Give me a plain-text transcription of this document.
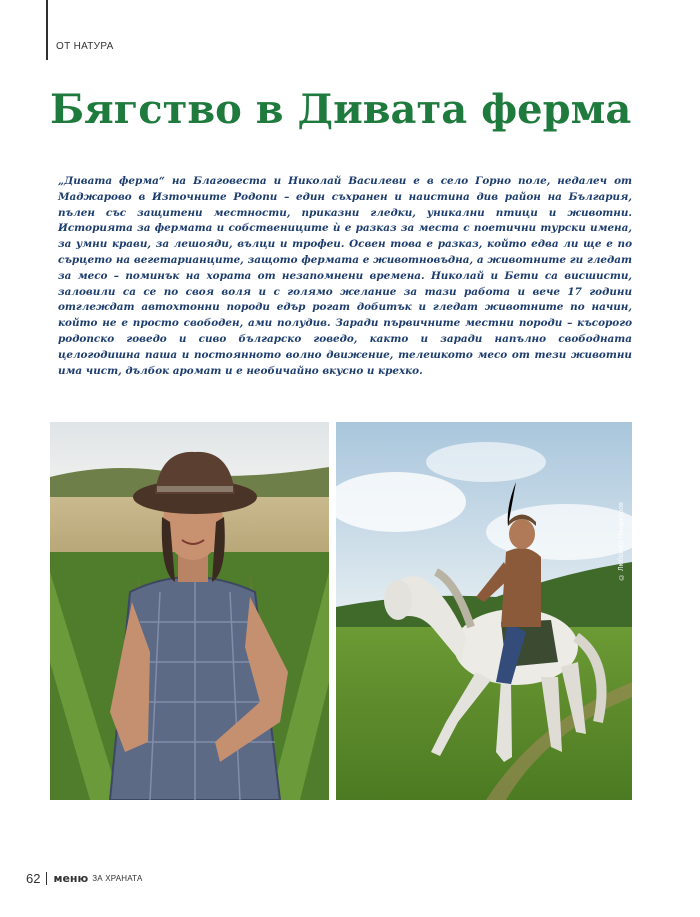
ОТ НАТУРА
Бягство в Дивата ферма

„Дивата ферма“ на Благовеста и Николай Василеви е в село Горно поле, недалеч от Маджарово в Източните Родопи – един съхранен и наистина див район на България, пълен със защитени местности, приказни гледки, уникални птици и животни. Историята за фермата и собствениците ѝ е разказ за места с поетични турски имена, за умни крави, за лешояди, вълци и трофеи. Освен това е разказ, който едва ли ще е по сърцето на вегетарианците, защото фермата е животновъдна, а животните ги гледат за месо – поминък на хората от незапомнени времена. Николай и Бети са висшисти, заловили са се по своя воля и с голямо желание за тази работа и вече 17 години отглеждат автохтонни породи едър рогат добитък и гледат животните по начин, който не е просто свободен, ами полудив. Заради първичните местни породи – късорого родопско говедо и сиво българско говедо, както и заради напълно свободната целогодишна паша и постоянното волно движение, телешкото месо от тези животни има чист, дълбок аромат и е необичайно вкусно и крехко.

© Любомир Пинджуров
62 меню ЗА ХРАНАТА
